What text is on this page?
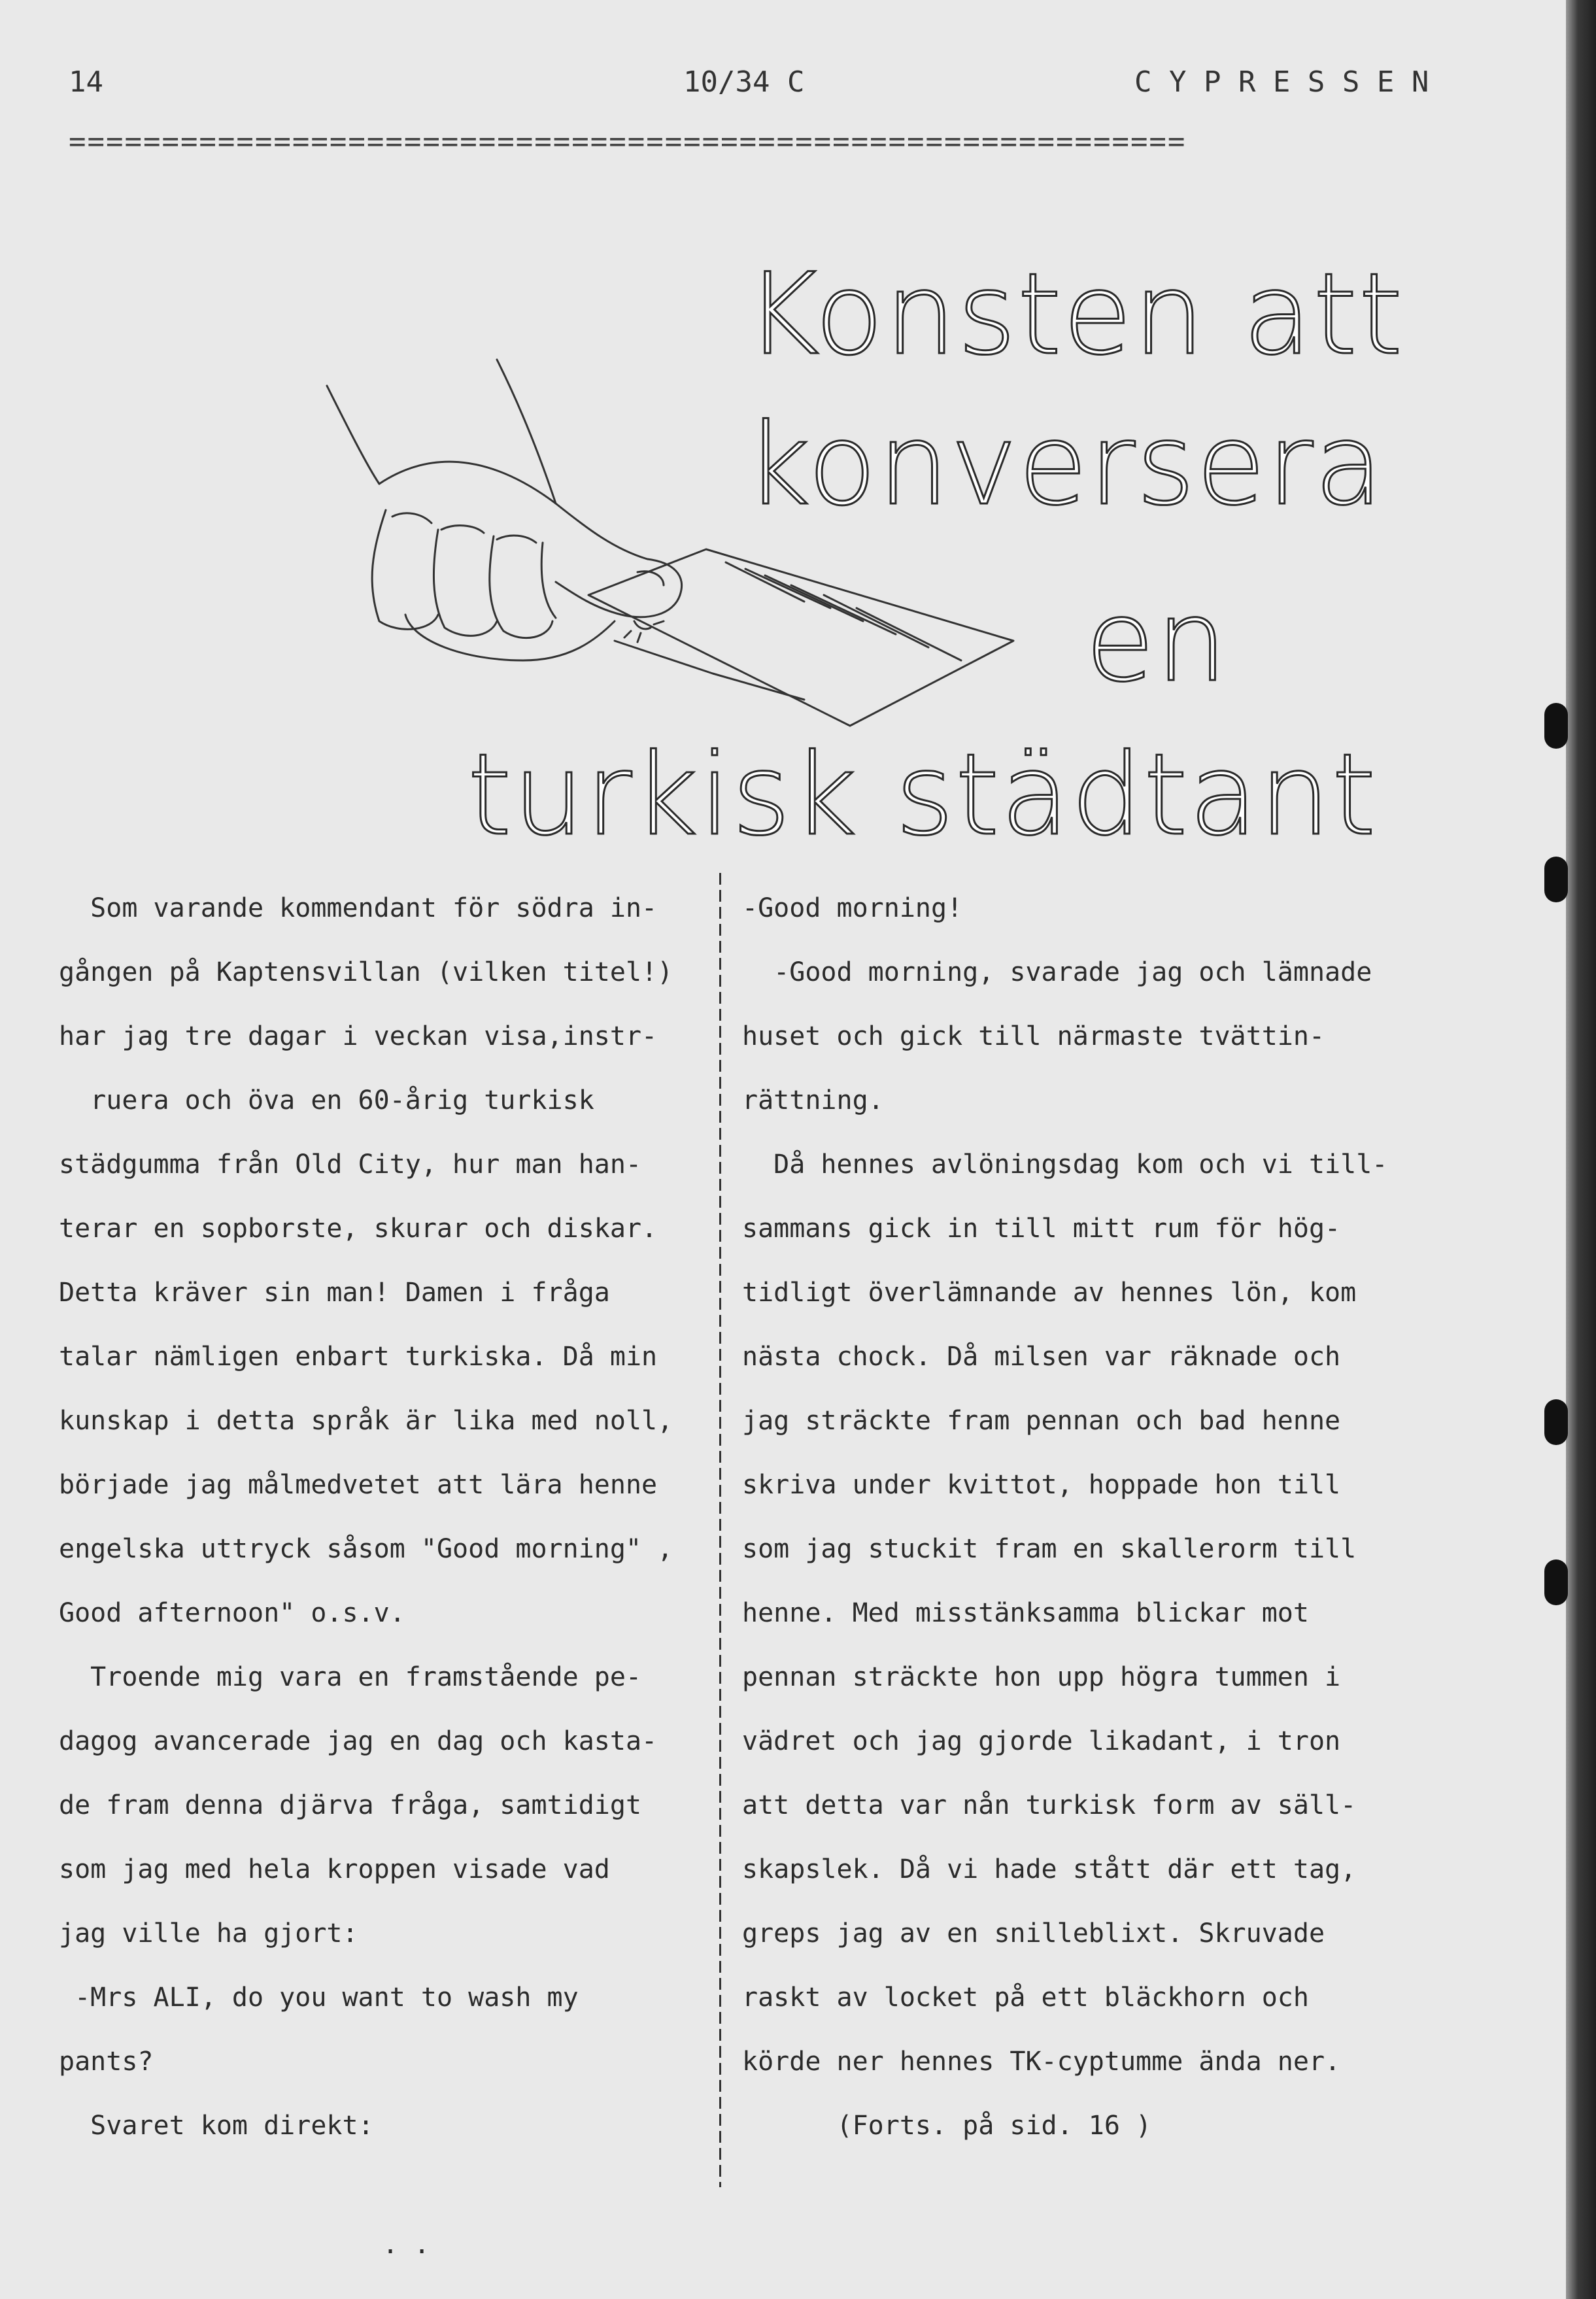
14	10/34 C	C Y P R E S S E N
============================================================
Konsten att
konversera
en
turkisk städtant

Som varande kommendant för södra in-

gången på Kaptensvillan (vilken titel!)

har jag tre dagar i veckan visa,instr-

ruera och öva en 60-årig turkisk

städgumma från Old City, hur man han-

terar en sopborste, skurar och diskar.

Detta kräver sin man! Damen i fråga

talar nämligen enbart turkiska. Då min

kunskap i detta språk är lika med noll,

började jag målmedvetet att lära henne

engelska uttryck såsom "Good morning" ,

Good afternoon" o.s.v.

Troende mig vara en framstående pe-

dagog avancerade jag en dag och kasta-

de fram denna djärva fråga, samtidigt

som jag med hela kroppen visade vad

jag ville ha gjort:

-Mrs ALI, do you want to wash my

pants?

Svaret kom direkt:

-Good morning!

-Good morning, svarade jag och lämnade

huset och gick till närmaste tvättin-

rättning.

Då hennes avlöningsdag kom och vi till-

sammans gick in till mitt rum för hög-

tidligt överlämnande av hennes lön, kom

nästa chock. Då milsen var räknade och

jag sträckte fram pennan och bad henne

skriva under kvittot, hoppade hon till

som jag stuckit fram en skallerorm till

henne. Med misstänksamma blickar mot

pennan sträckte hon upp högra tummen i

vädret och jag gjorde likadant, i tron

att detta var nån turkisk form av säll-

skapslek. Då vi hade stått där ett tag,

greps jag av en snilleblixt. Skruvade

raskt av locket på ett bläckhorn och

körde ner hennes TK-cyptumme ända ner.

(Forts. på sid. 16 )

. .
